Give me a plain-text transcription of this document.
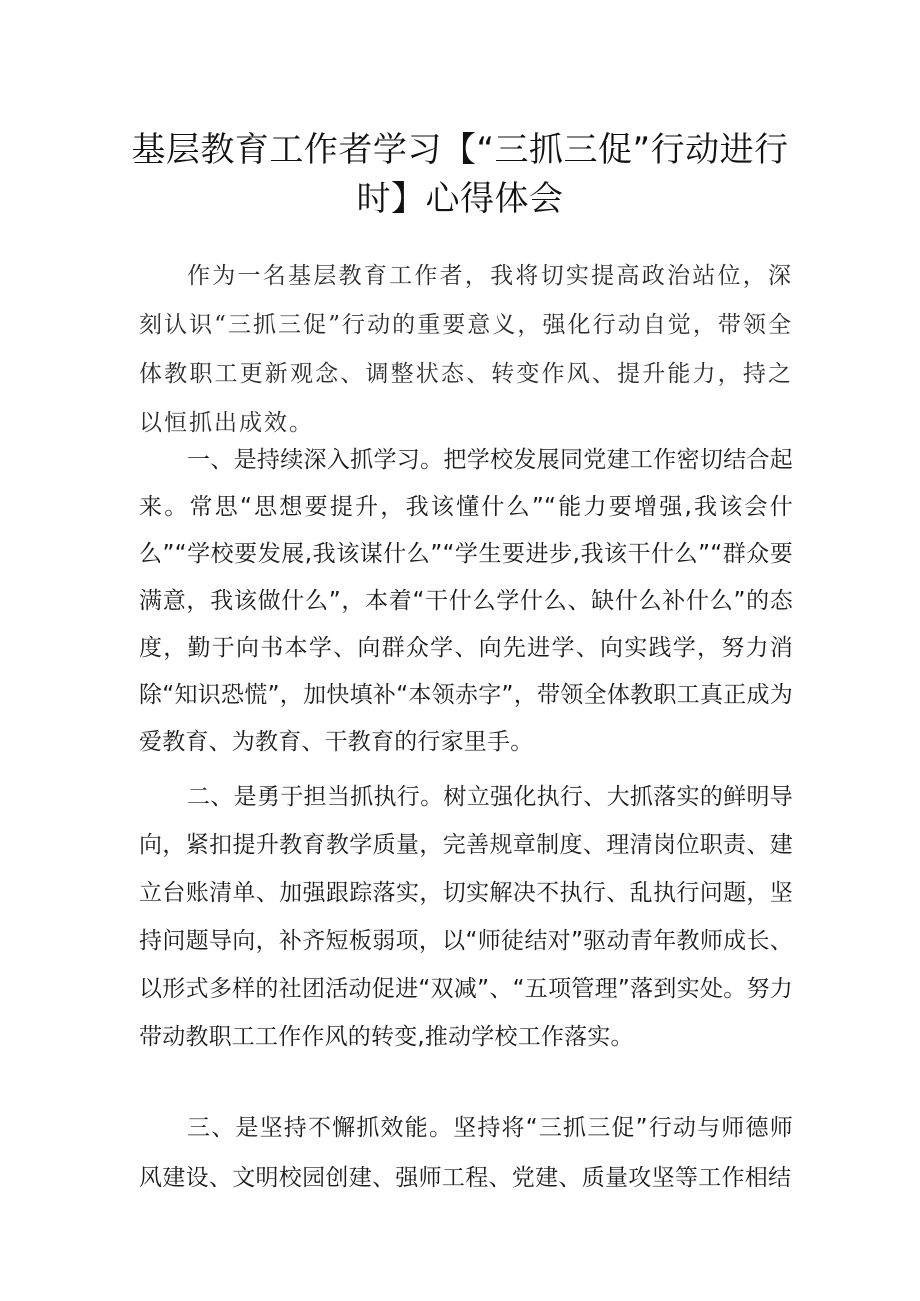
基层教育工作者学习【“三抓三促”行动进行时】心得体会

作为一名基层教育工作者，我将切实提高政治站位，深刻认识“三抓三促”行动的重要意义，强化行动自觉，带领全体教职工更新观念、调整状态、转变作风、提升能力，持之以恒抓出成效。

一、是持续深入抓学习。把学校发展同党建工作密切结合起来。常思“思想要提升，我该懂什么”“能力要增强,我该会什么”“学校要发展,我该谋什么”“学生要进步,我该干什么”“群众要满意，我该做什么”，本着“干什么学什么、缺什么补什么”的态度，勤于向书本学、向群众学、向先进学、向实践学，努力消除“知识恐慌”，加快填补“本领赤字”，带领全体教职工真正成为爱教育、为教育、干教育的行家里手。

二、是勇于担当抓执行。树立强化执行、大抓落实的鲜明导向，紧扣提升教育教学质量，完善规章制度、理清岗位职责、建立台账清单、加强跟踪落实，切实解决不执行、乱执行问题，坚持问题导向，补齐短板弱项，以“师徒结对”驱动青年教师成长、以形式多样的社团活动促进“双减”、“五项管理”落到实处。努力带动教职工工作作风的转变,推动学校工作落实。

三、是坚持不懈抓效能。坚持将“三抓三促”行动与师德师风建设、文明校园创建、强师工程、党建、质量攻坚等工作相结
